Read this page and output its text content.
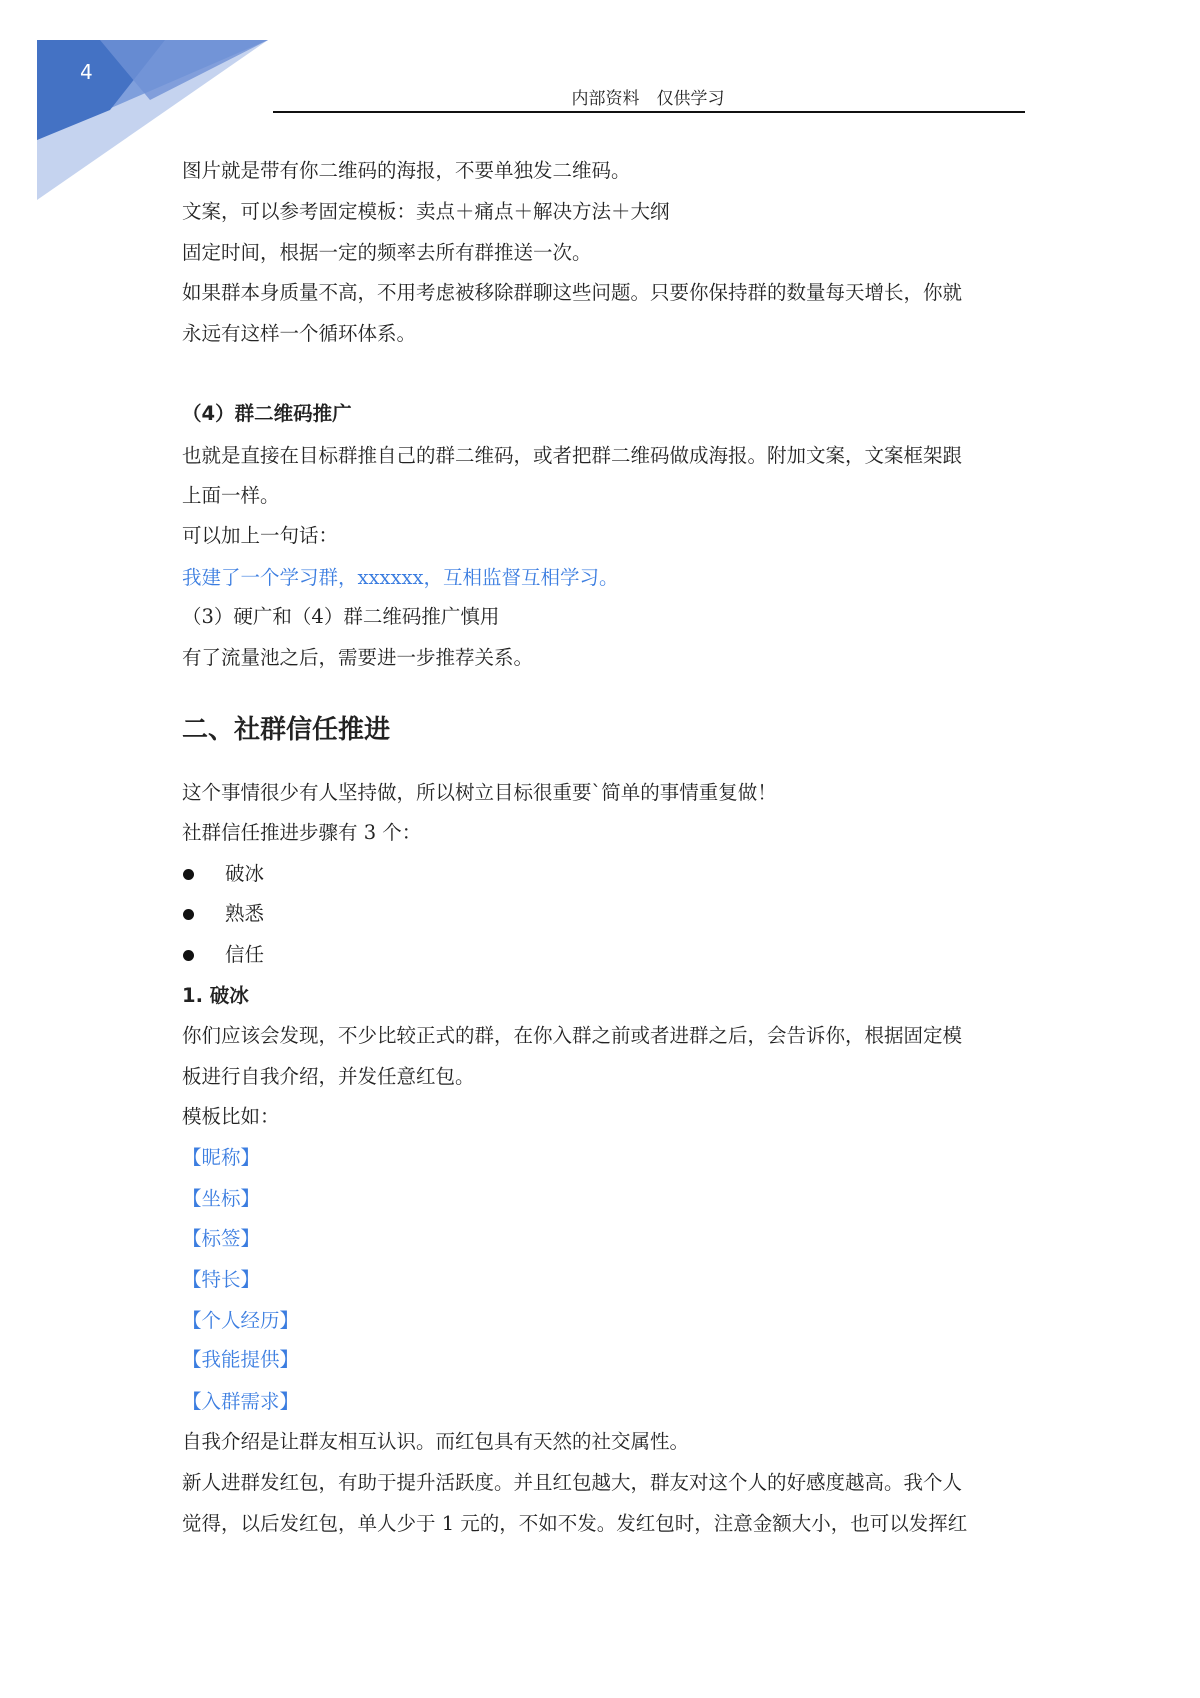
4
内部资料　仅供学习
图片就是带有你二维码的海报，不要单独发二维码。
文案，可以参考固定模板：卖点＋痛点＋解决方法＋大纲
固定时间，根据一定的频率去所有群推送一次。
如果群本身质量不高，不用考虑被移除群聊这些问题。只要你保持群的数量每天增长，你就
永远有这样一个循环体系。
（4）群二维码推广
也就是直接在目标群推自己的群二维码，或者把群二维码做成海报。附加文案，文案框架跟
上面一样。
可以加上一句话：
我建了一个学习群，xxxxxx，互相监督互相学习。
（3）硬广和（4）群二维码推广慎用
有了流量池之后，需要进一步推荐关系。
二、社群信任推进
这个事情很少有人坚持做，所以树立目标很重要`简单的事情重复做！
社群信任推进步骤有 3 个：
破冰
熟悉
信任
1. 破冰
你们应该会发现，不少比较正式的群，在你入群之前或者进群之后，会告诉你，根据固定模
板进行自我介绍，并发任意红包。
模板比如：
【昵称】
【坐标】
【标签】
【特长】
【个人经历】
【我能提供】
【入群需求】
自我介绍是让群友相互认识。而红包具有天然的社交属性。
新人进群发红包，有助于提升活跃度。并且红包越大，群友对这个人的好感度越高。我个人
觉得，以后发红包，单人少于 1 元的，不如不发。发红包时，注意金额大小，也可以发挥红
